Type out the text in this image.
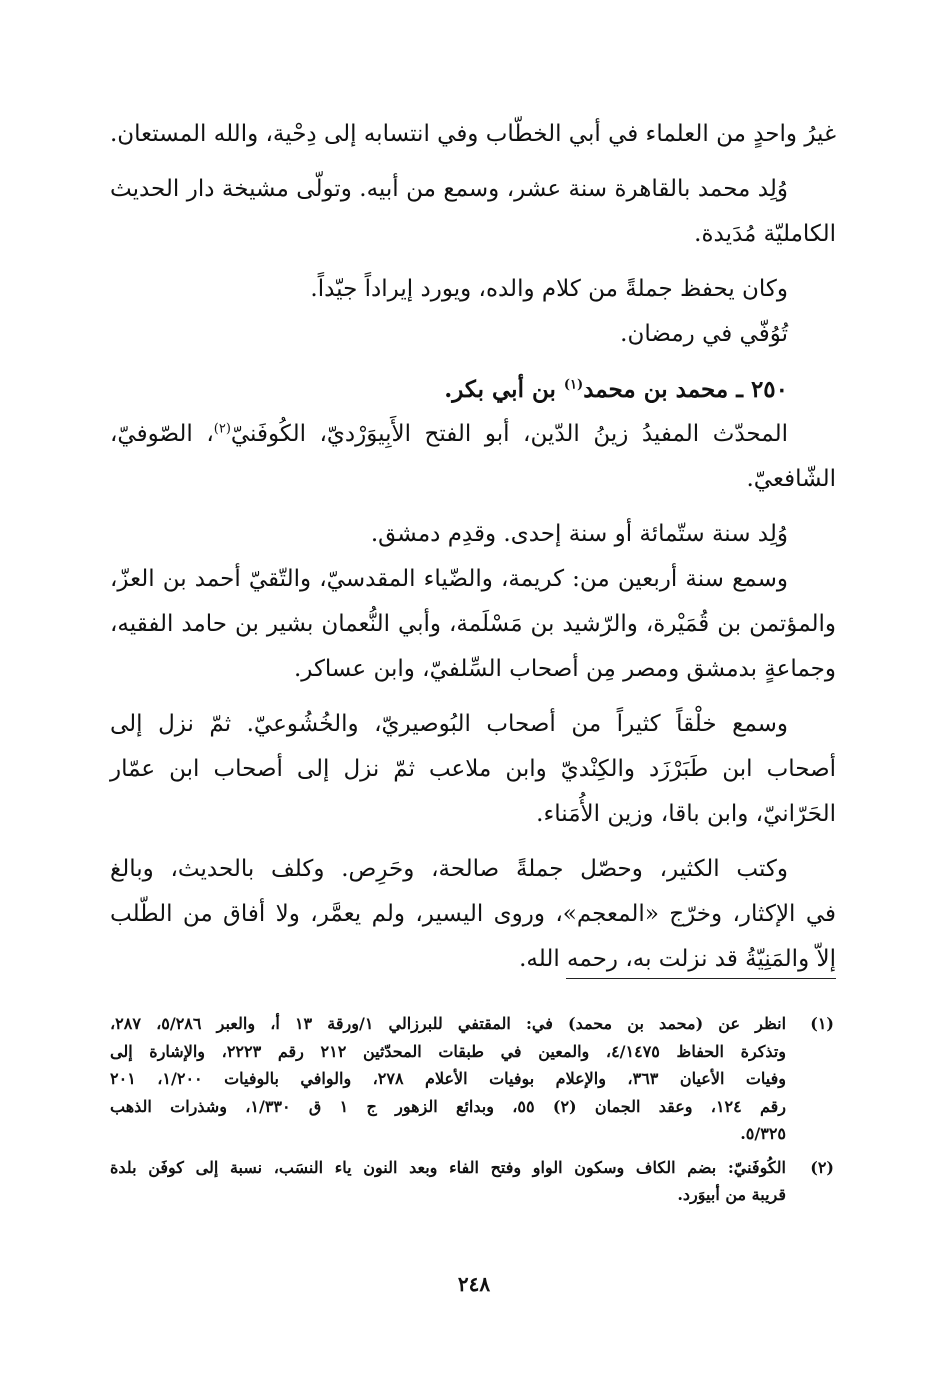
غيرُ واحدٍ من العلماء في أبي الخطّاب وفي انتسابه إلى دِحْية، والله المستعان.

وُلِد محمد بالقاهرة سنة عشر، وسمع من أبيه. وتولّى مشيخة دار الحديث
الكامليّة مُدَيدة.

وكان يحفظ جملةً من كلام والده، ويورد إيراداً جيّداً.
تُوُفّي في رمضان.

٢٥٠ ـ محمد بن محمد$^{(١)}$ بن أبي بكر.
المحدّث المفيدُ زينُ الدّين، أبو الفتح الأَبِيوَرْديّ، الكُوفَنيّ$^{(٢)}$، الصّوفيّ،
الشّافعيّ.

وُلِد سنة ستّمائة أو سنة إحدى. وقدِم دمشق.
وسمع سنة أربعين من: كريمة، والضّياء المقدسيّ، والتّقيّ أحمد بن العزّ،
والمؤتمن بن قُمَيْرة، والرّشيد بن مَسْلَمة، وأبي النُّعمان بشير بن حامد الفقيه،
وجماعةٍ بدمشق ومصر مِن أصحاب السِّلفيّ، وابن عساكر.

وسمع خلْقاً كثيراً من أصحاب البُوصيريّ، والخُشُوعيّ. ثمّ نزل إلى
أصحاب ابن طَبَرْزَد والكِنْديّ وابن ملاعب ثمّ نزل إلى أصحاب ابن عمّار
الحَرّانيّ، وابن باقا، وزين الأُمَناء.

وكتب الكثير، وحصّل جملةً صالحة، وحَرِص. وكلف بالحديث، وبالغ
في الإكثار، وخرّج «المعجم»، وروى اليسير، ولم يعمَّر، ولا أفاق من الطّلب
إلاّ والمَنِيّةُ قد نزلت به، رحمه الله.

(١)
انظر عن (محمد بن محمد) في: المقتفي للبرزالي ١/ورقة ١٣ أ، والعبر ٥/٢٨٦، ٢٨٧،
وتذكرة الحفاظ ٤/١٤٧٥، والمعين في طبقات المحدّثين ٢١٢ رقم ٢٢٢٣، والإشارة إلى
وفيات الأعيان ٣٦٣، والإعلام بوفيات الأعلام ٢٧٨، والوافي بالوفيات ١/٢٠٠، ٢٠١
رقم ١٢٤، وعقد الجمان (٢) ٥٥، وبدائع الزهور ج ١ ق ١/٣٣٠، وشذرات الذهب
٥/٣٢٥.
(٢)
الكُوفَنيّ: بضم الكاف وسكون الواو وفتح الفاء وبعد النون ياء النسَب، نسبة إلى كوفَن بلدة
قريبة من أبيوَرد.
٢٤٨
